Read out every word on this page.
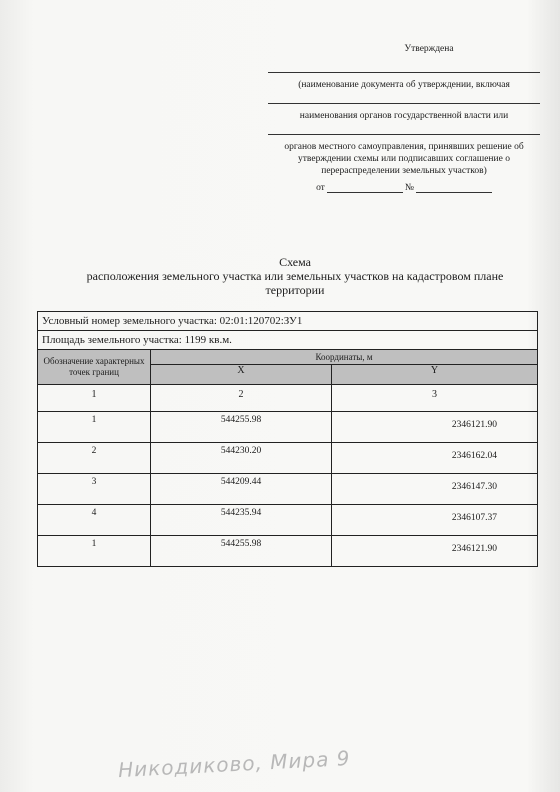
Утверждена
(наименование документа об утверждении, включая
наименования органов государственной власти или
органов местного самоуправления, принявших решение об утверждении схемы или подписавших соглашение о перераспределении земельных участков)
от	№
Схема
расположения земельного участка или земельных участков на кадастровом плане территории
Условный номер земельного участка: 02:01:120702:ЗУ1		
Площадь земельного участка: 1199 кв.м.		
Обозначение характерных точек границ	Координаты, м	
	X	Y
1	2	3
1	544255.98	2346121.90
2	544230.20	2346162.04
3	544209.44	2346147.30
4	544235.94	2346107.37
1	544255.98	2346121.90
Никодиково, Мира 9
